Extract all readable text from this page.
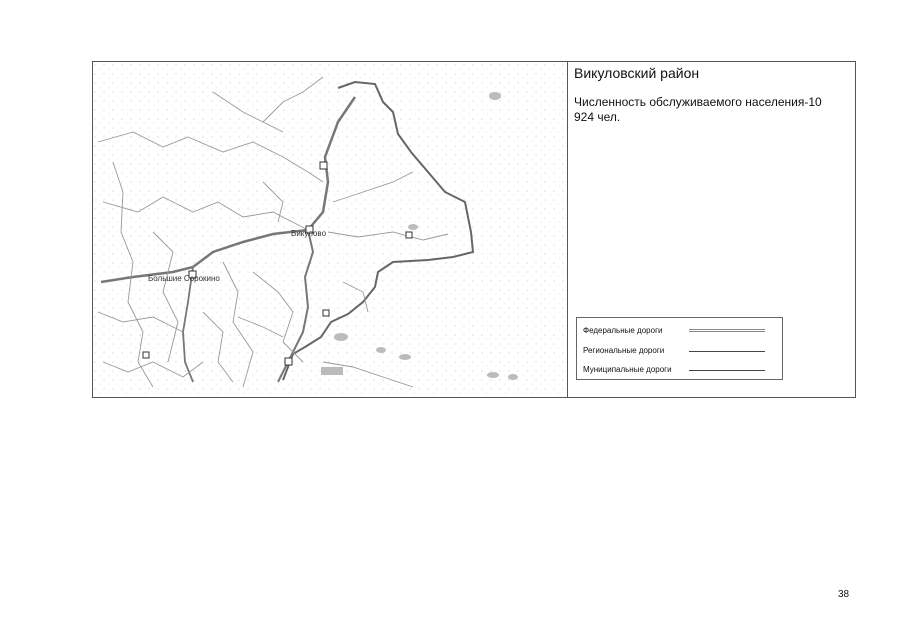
Викулово
Большие Сорокино
Викуловский район
Численность обслуживаемого населения-10 924 чел.
Федеральные дороги
Региональные дороги
Муниципальные дороги
38
